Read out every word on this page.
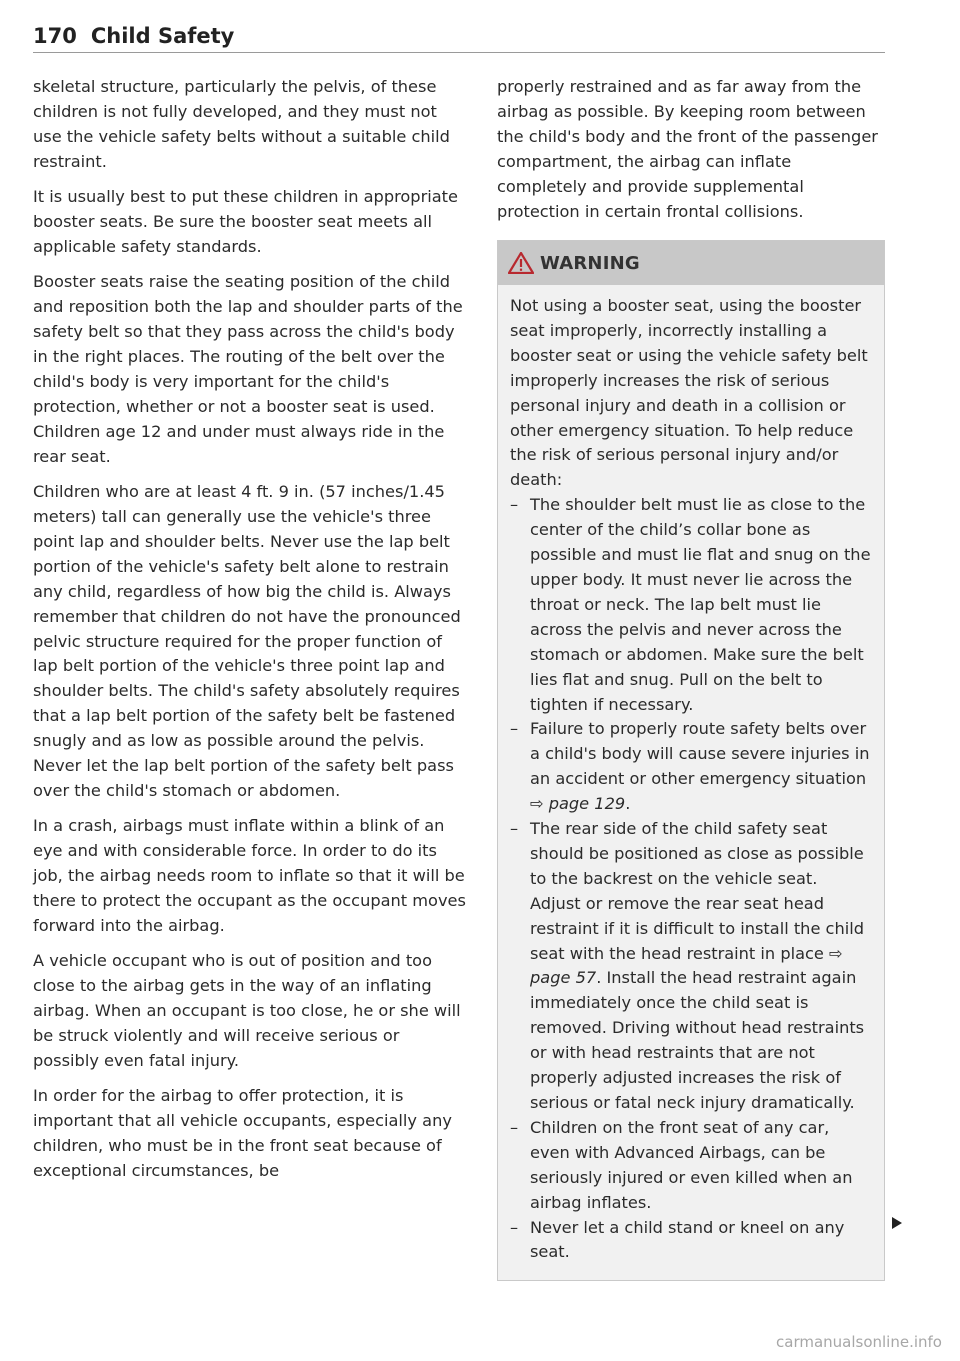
170 Child Safety

skeletal structure, particularly the pelvis, of these children is not fully developed, and they must not use the vehicle safety belts without a suitable child restraint.

It is usually best to put these children in appropriate booster seats. Be sure the booster seat meets all applicable safety standards.

Booster seats raise the seating position of the child and reposition both the lap and shoulder parts of the safety belt so that they pass across the child's body in the right places. The routing of the belt over the child's body is very important for the child's protection, whether or not a booster seat is used. Children age 12 and under must always ride in the rear seat.

Children who are at least 4 ft. 9 in. (57 inches/1.45 meters) tall can generally use the vehicle's three point lap and shoulder belts. Never use the lap belt portion of the vehicle's safety belt alone to restrain any child, regardless of how big the child is. Always remember that children do not have the pronounced pelvic structure required for the proper function of lap belt portion of the vehicle's three point lap and shoulder belts. The child's safety absolutely requires that a lap belt portion of the safety belt be fastened snugly and as low as possible around the pelvis. Never let the lap belt portion of the safety belt pass over the child's stomach or abdomen.

In a crash, airbags must inflate within a blink of an eye and with considerable force. In order to do its job, the airbag needs room to inflate so that it will be there to protect the occupant as the occupant moves forward into the airbag.

A vehicle occupant who is out of position and too close to the airbag gets in the way of an inflating airbag. When an occupant is too close, he or she will be struck violently and will receive serious or possibly even fatal injury.

In order for the airbag to offer protection, it is important that all vehicle occupants, especially any children, who must be in the front seat because of exceptional circumstances, be

properly restrained and as far away from the airbag as possible. By keeping room between the child's body and the front of the passenger compartment, the airbag can inflate completely and provide supplemental protection in certain frontal collisions.

WARNING

Not using a booster seat, using the booster seat improperly, incorrectly installing a booster seat or using the vehicle safety belt improperly increases the risk of serious personal injury and death in a collision or other emergency situation. To help reduce the risk of serious personal injury and/or death:

– The shoulder belt must lie as close to the center of the child’s collar bone as possible and must lie flat and snug on the upper body. It must never lie across the throat or neck. The lap belt must lie across the pelvis and never across the stomach or abdomen. Make sure the belt lies flat and snug. Pull on the belt to tighten if necessary.
– Failure to properly route safety belts over a child's body will cause severe injuries in an accident or other emergency situation ⇨ page 129.
– The rear side of the child safety seat should be positioned as close as possible to the backrest on the vehicle seat. Adjust or remove the rear seat head restraint if it is difficult to install the child seat with the head restraint in place ⇨ page 57. Install the head restraint again immediately once the child seat is removed. Driving without head restraints or with head restraints that are not properly adjusted increases the risk of serious or fatal neck injury dramatically.
– Children on the front seat of any car, even with Advanced Airbags, can be seriously injured or even killed when an airbag inflates.
– Never let a child stand or kneel on any seat.
carmanualsonline.info
